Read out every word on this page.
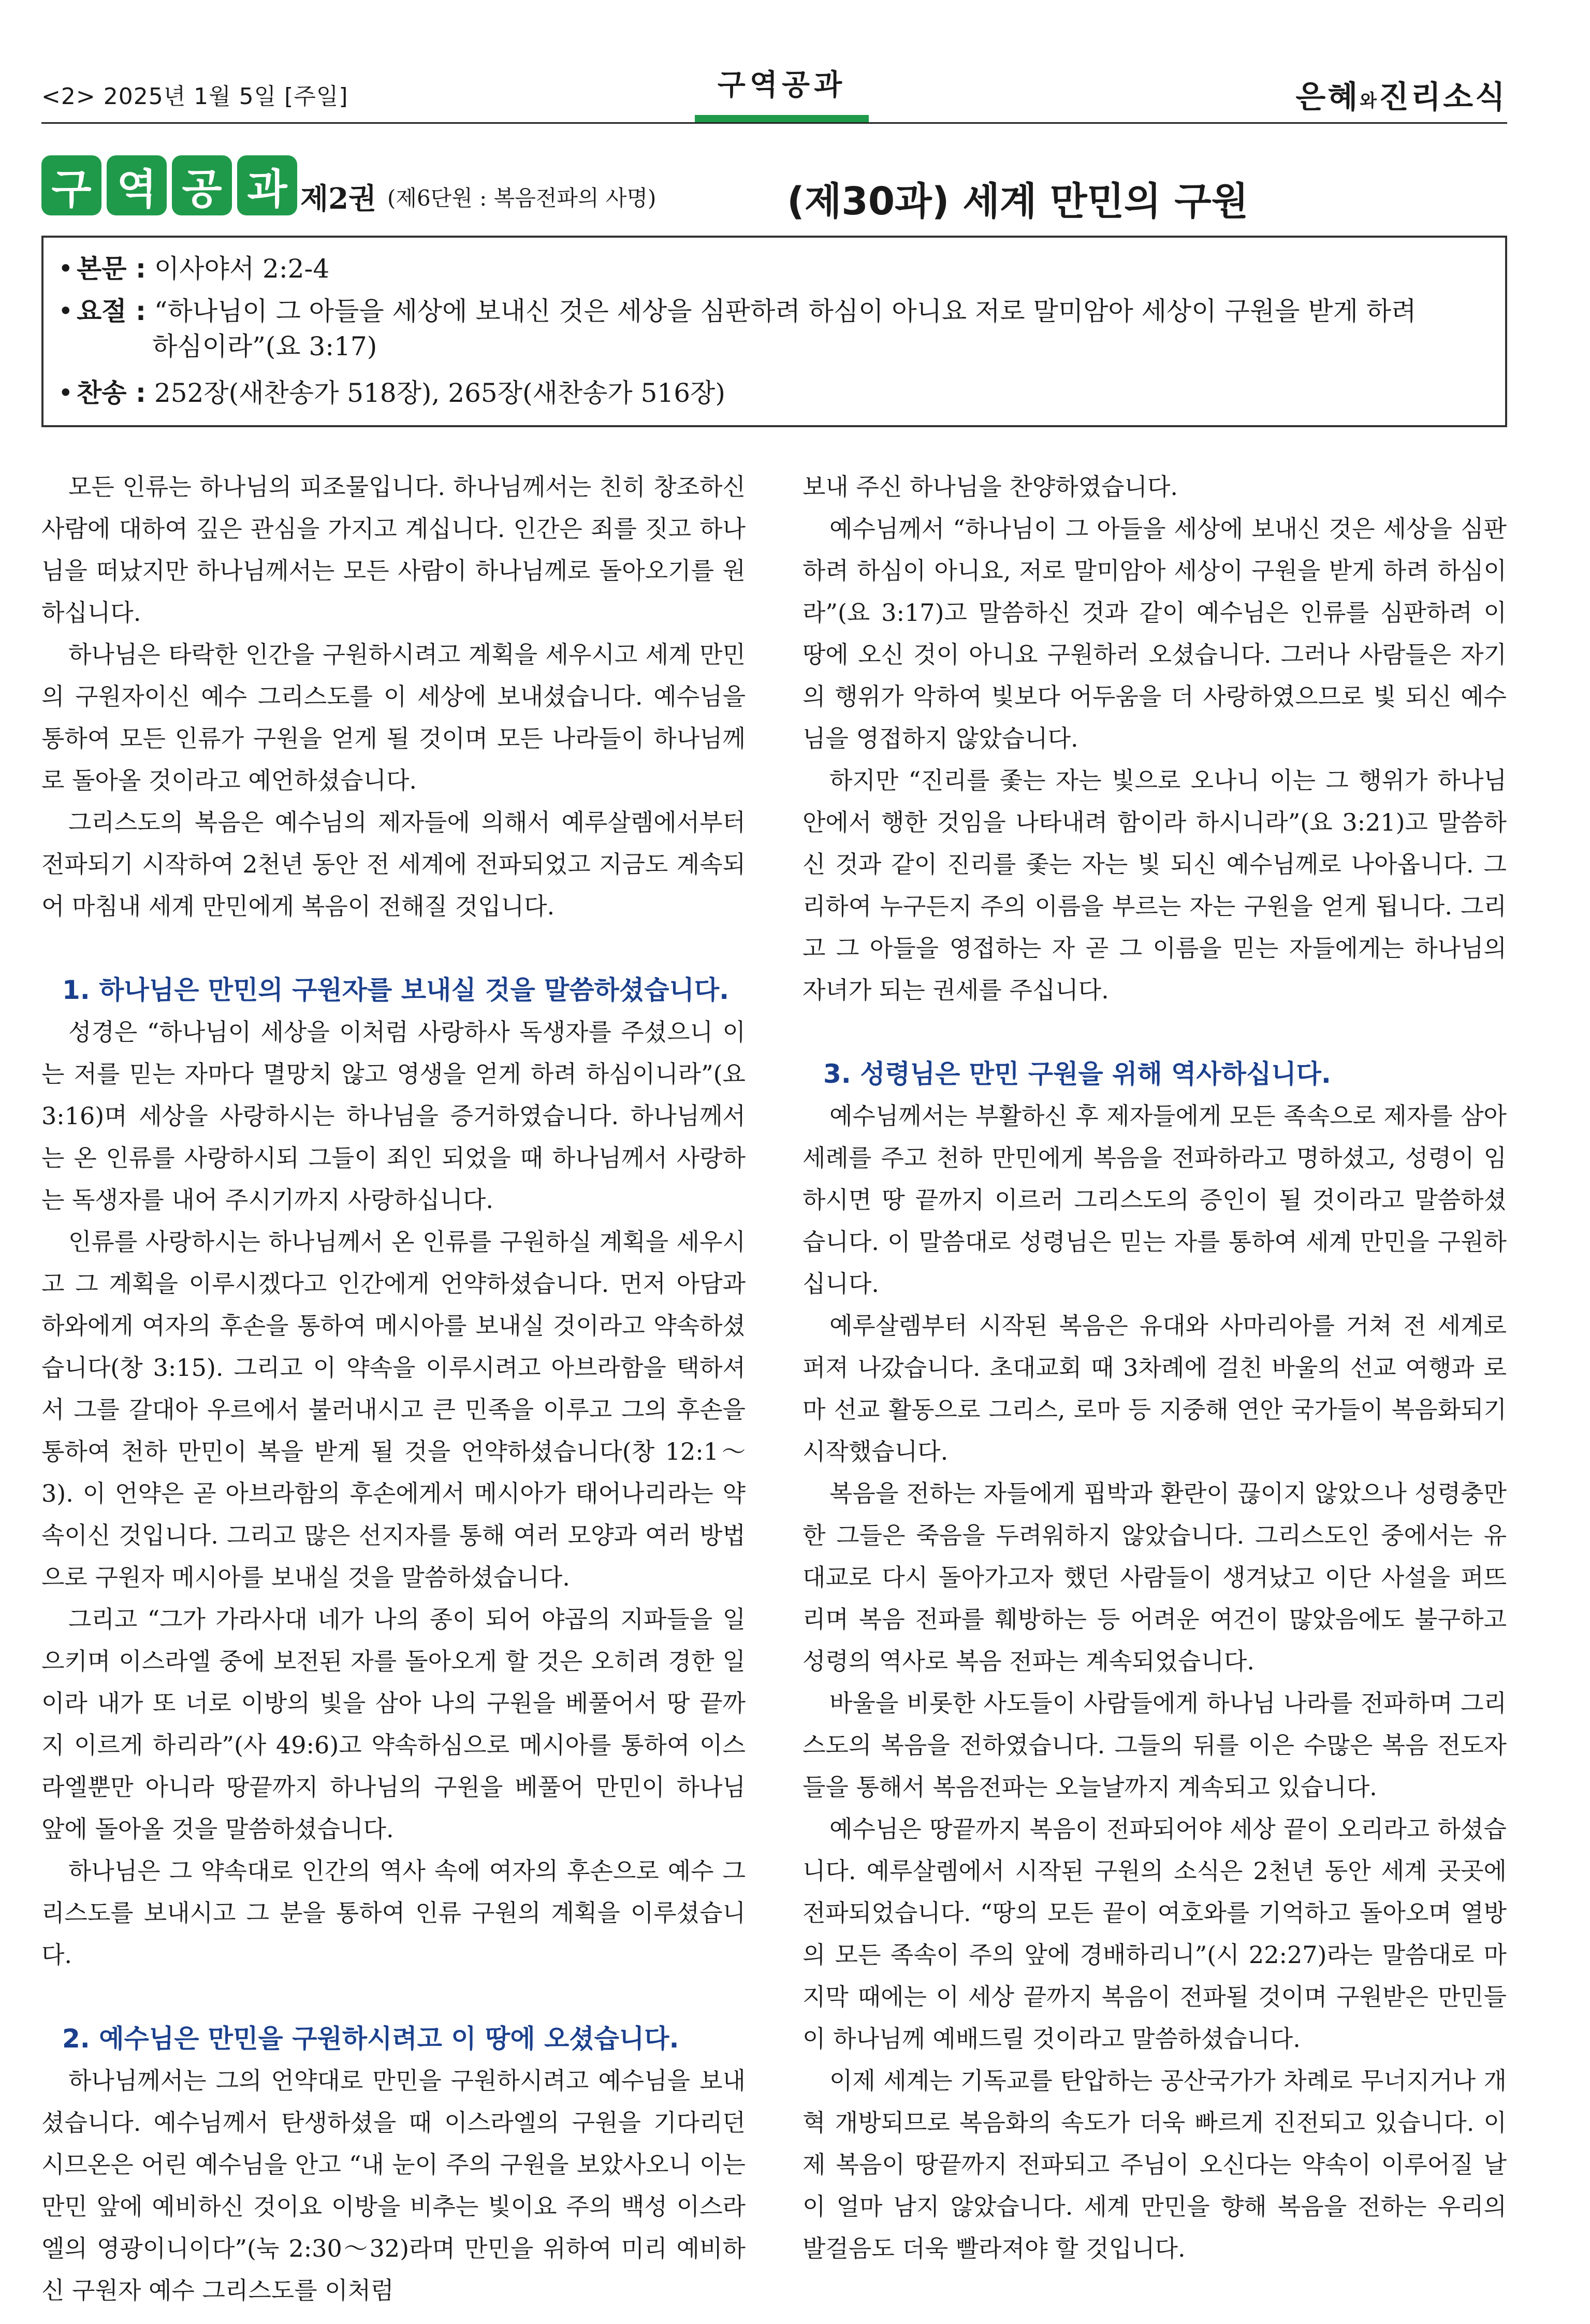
<2> 2025년 1월 5일 [주일]	구역공과	은혜와진리소식
구 역 공 과 제2권 (제6단원 : 복음전파의 사명)	(제30과) 세계 만민의 구원
• 본문 : 이사야서 2:2-4
• 요절 : “하나님이 그 아들을 세상에 보내신 것은 세상을 심판하려 하심이 아니요 저로 말미암아 세상이 구원을 받게 하려
하심이라”(요 3:17)
• 찬송 : 252장(새찬송가 518장), 265장(새찬송가 516장)

모든 인류는 하나님의 피조물입니다. 하나님께서는 친히 창조하신 사람에 대하여 깊은 관심을 가지고 계십니다. 인간은 죄를 짓고 하나님을 떠났지만 하나님께서는 모든 사람이 하나님께로 돌아오기를 원하십니다.

하나님은 타락한 인간을 구원하시려고 계획을 세우시고 세계 만민의 구원자이신 예수 그리스도를 이 세상에 보내셨습니다. 예수님을 통하여 모든 인류가 구원을 얻게 될 것이며 모든 나라들이 하나님께로 돌아올 것이라고 예언하셨습니다.

그리스도의 복음은 예수님의 제자들에 의해서 예루살렘에서부터 전파되기 시작하여 2천년 동안 전 세계에 전파되었고 지금도 계속되어 마침내 세계 만민에게 복음이 전해질 것입니다.

1. 하나님은 만민의 구원자를 보내실 것을 말씀하셨습니다.

성경은 “하나님이 세상을 이처럼 사랑하사 독생자를 주셨으니 이는 저를 믿는 자마다 멸망치 않고 영생을 얻게 하려 하심이니라”(요 3:16)며 세상을 사랑하시는 하나님을 증거하였습니다. 하나님께서는 온 인류를 사랑하시되 그들이 죄인 되었을 때 하나님께서 사랑하는 독생자를 내어 주시기까지 사랑하십니다.

인류를 사랑하시는 하나님께서 온 인류를 구원하실 계획을 세우시고 그 계획을 이루시겠다고 인간에게 언약하셨습니다. 먼저 아담과 하와에게 여자의 후손을 통하여 메시아를 보내실 것이라고 약속하셨습니다(창 3:15). 그리고 이 약속을 이루시려고 아브라함을 택하셔서 그를 갈대아 우르에서 불러내시고 큰 민족을 이루고 그의 후손을 통하여 천하 만민이 복을 받게 될 것을 언약하셨습니다(창 12:1～3). 이 언약은 곧 아브라함의 후손에게서 메시아가 태어나리라는 약속이신 것입니다. 그리고 많은 선지자를 통해 여러 모양과 여러 방법으로 구원자 메시아를 보내실 것을 말씀하셨습니다.

그리고 “그가 가라사대 네가 나의 종이 되어 야곱의 지파들을 일으키며 이스라엘 중에 보전된 자를 돌아오게 할 것은 오히려 경한 일이라 내가 또 너로 이방의 빛을 삼아 나의 구원을 베풀어서 땅 끝까지 이르게 하리라”(사 49:6)고 약속하심으로 메시아를 통하여 이스라엘뿐만 아니라 땅끝까지 하나님의 구원을 베풀어 만민이 하나님 앞에 돌아올 것을 말씀하셨습니다.

하나님은 그 약속대로 인간의 역사 속에 여자의 후손으로 예수 그리스도를 보내시고 그 분을 통하여 인류 구원의 계획을 이루셨습니다.

2. 예수님은 만민을 구원하시려고 이 땅에 오셨습니다.

하나님께서는 그의 언약대로 만민을 구원하시려고 예수님을 보내셨습니다. 예수님께서 탄생하셨을 때 이스라엘의 구원을 기다리던 시므온은 어린 예수님을 안고 “내 눈이 주의 구원을 보았사오니 이는 만민 앞에 예비하신 것이요 이방을 비추는 빛이요 주의 백성 이스라엘의 영광이니이다”(눅 2:30～32)라며 만민을 위하여 미리 예비하신 구원자 예수 그리스도를 이처럼

보내 주신 하나님을 찬양하였습니다.

예수님께서 “하나님이 그 아들을 세상에 보내신 것은 세상을 심판하려 하심이 아니요, 저로 말미암아 세상이 구원을 받게 하려 하심이라”(요 3:17)고 말씀하신 것과 같이 예수님은 인류를 심판하려 이 땅에 오신 것이 아니요 구원하러 오셨습니다. 그러나 사람들은 자기의 행위가 악하여 빛보다 어두움을 더 사랑하였으므로 빛 되신 예수님을 영접하지 않았습니다.

하지만 “진리를 좇는 자는 빛으로 오나니 이는 그 행위가 하나님 안에서 행한 것임을 나타내려 함이라 하시니라”(요 3:21)고 말씀하신 것과 같이 진리를 좇는 자는 빛 되신 예수님께로 나아옵니다. 그리하여 누구든지 주의 이름을 부르는 자는 구원을 얻게 됩니다. 그리고 그 아들을 영접하는 자 곧 그 이름을 믿는 자들에게는 하나님의 자녀가 되는 권세를 주십니다.

3. 성령님은 만민 구원을 위해 역사하십니다.

예수님께서는 부활하신 후 제자들에게 모든 족속으로 제자를 삼아 세례를 주고 천하 만민에게 복음을 전파하라고 명하셨고, 성령이 임하시면 땅 끝까지 이르러 그리스도의 증인이 될 것이라고 말씀하셨습니다. 이 말씀대로 성령님은 믿는 자를 통하여 세계 만민을 구원하십니다.

예루살렘부터 시작된 복음은 유대와 사마리아를 거쳐 전 세계로 퍼져 나갔습니다. 초대교회 때 3차례에 걸친 바울의 선교 여행과 로마 선교 활동으로 그리스, 로마 등 지중해 연안 국가들이 복음화되기 시작했습니다.

복음을 전하는 자들에게 핍박과 환란이 끊이지 않았으나 성령충만한 그들은 죽음을 두려워하지 않았습니다. 그리스도인 중에서는 유대교로 다시 돌아가고자 했던 사람들이 생겨났고 이단 사설을 퍼뜨리며 복음 전파를 훼방하는 등 어려운 여건이 많았음에도 불구하고 성령의 역사로 복음 전파는 계속되었습니다.

바울을 비롯한 사도들이 사람들에게 하나님 나라를 전파하며 그리스도의 복음을 전하였습니다. 그들의 뒤를 이은 수많은 복음 전도자들을 통해서 복음전파는 오늘날까지 계속되고 있습니다.

예수님은 땅끝까지 복음이 전파되어야 세상 끝이 오리라고 하셨습니다. 예루살렘에서 시작된 구원의 소식은 2천년 동안 세계 곳곳에 전파되었습니다. “땅의 모든 끝이 여호와를 기억하고 돌아오며 열방의 모든 족속이 주의 앞에 경배하리니”(시 22:27)라는 말씀대로 마지막 때에는 이 세상 끝까지 복음이 전파될 것이며 구원받은 만민들이 하나님께 예배드릴 것이라고 말씀하셨습니다.

이제 세계는 기독교를 탄압하는 공산국가가 차례로 무너지거나 개혁 개방되므로 복음화의 속도가 더욱 빠르게 진전되고 있습니다. 이제 복음이 땅끝까지 전파되고 주님이 오신다는 약속이 이루어질 날이 얼마 남지 않았습니다. 세계 만민을 향해 복음을 전하는 우리의 발걸음도 더욱 빨라져야 할 것입니다.
